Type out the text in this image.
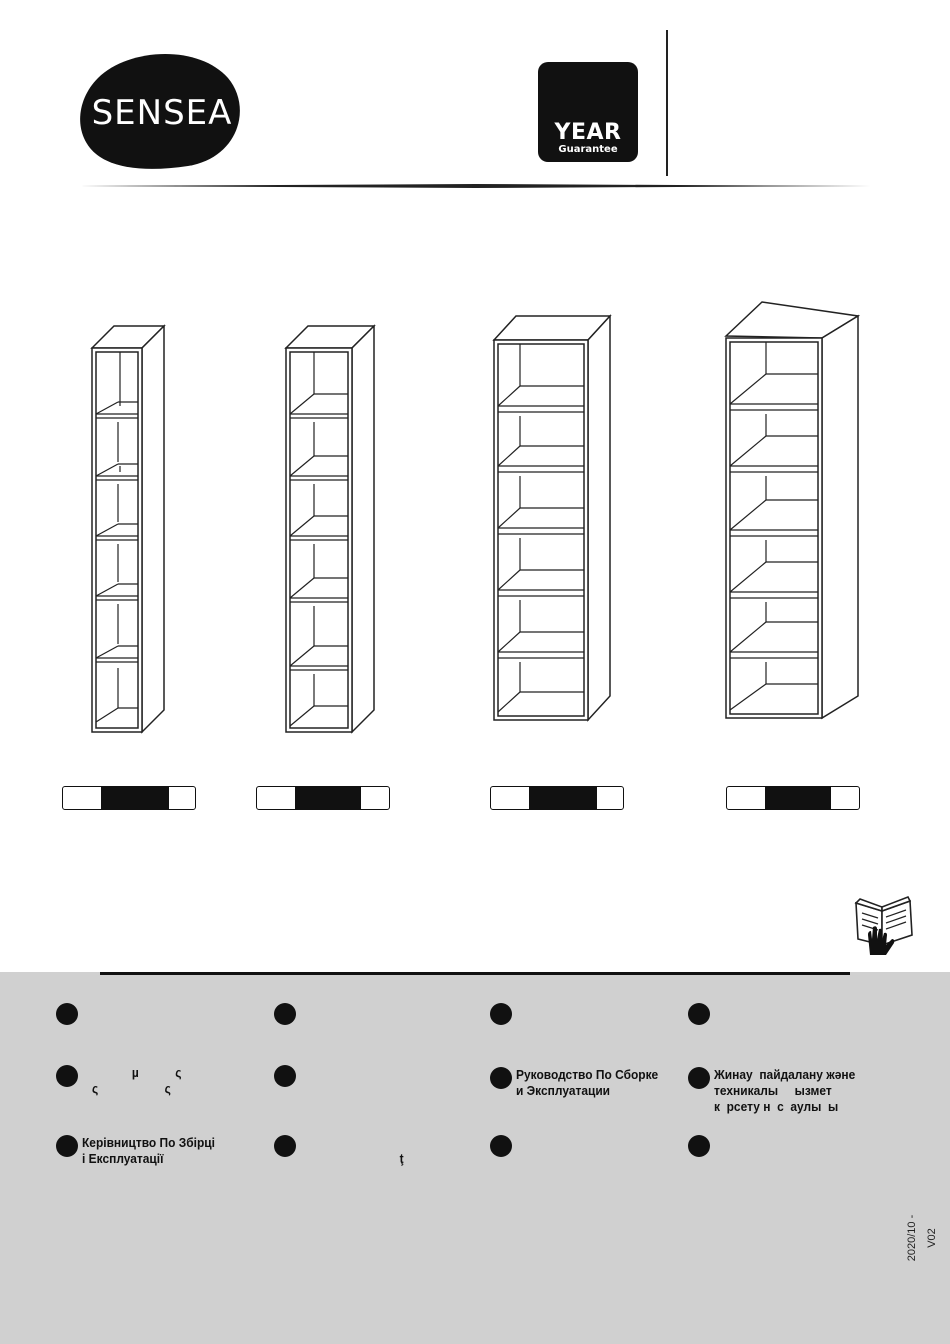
SENSEA	YEAR
Guarantee
µ           ς
ς                    ς
Руководство По Сборке
и Эксплуатации
Жинау  пайдалану және
техникалы     ызмет
к  рсету н  с  аулы  ы
Керівництво По Збірці
і Експлуатації	
ţ
2020/10 -V02
